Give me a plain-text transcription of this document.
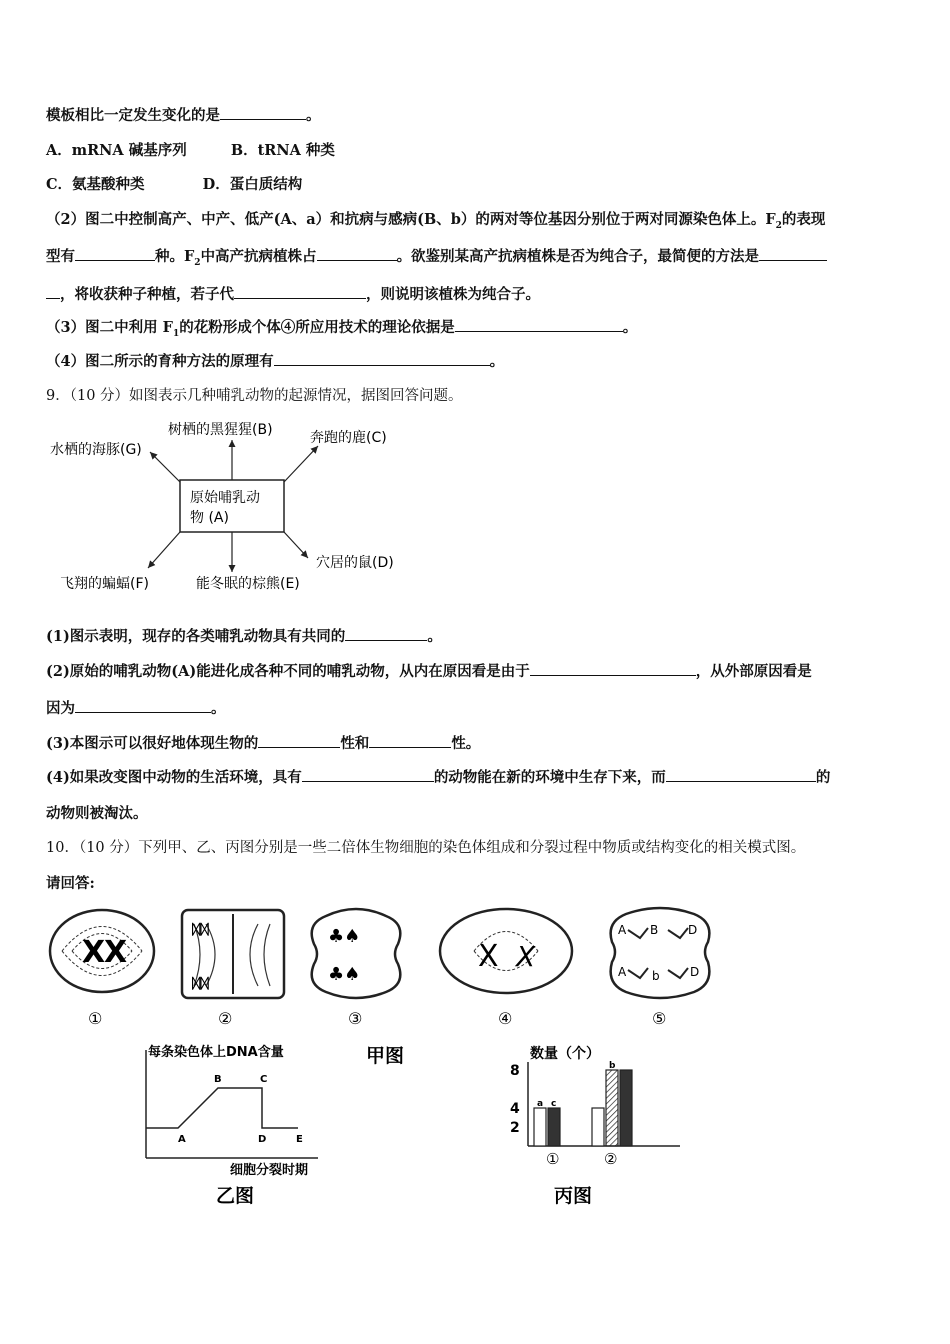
模板相比一定发生变化的是	。
A．mRNA 碱基序列	B．tRNA 种类
C．氨基酸种类	D．蛋白质结构
（2）图二中控制高产、中产、低产(A、a）和抗病与感病(B、b）的两对等位基因分别位于两对同源染色体上。$F_2$的表现
型有	种。$F_2$中高产抗病植株占	。欲鉴别某高产抗病植株是否为纯合子，最简便的方法是
，将收获种子种植，若子代	，则说明该植株为纯合子。
（3）图二中利用 $F_1$的花粉形成个体④所应用技术的理论依据是	。
（4）图二所示的育种方法的原理有	。
9．（10 分）如图表示几种哺乳动物的起源情况，据图回答问题。
原始哺乳动
物 (A)
树栖的黑猩猩(B)	奔跑的鹿(C)
水栖的海豚(G)
穴居的鼠(D)
能冬眠的棕熊(E)
飞翔的蝙蝠(F)
(1)图示表明，现存的各类哺乳动物具有共同的	。
(2)原始的哺乳动物(A)能进化成各种不同的哺乳动物，从内在原因看是由于	，从外部原因看是
因为	。
(3)本图示可以很好地体现生物的	性和	性。
(4)如果改变图中动物的生活环境，具有	的动物能在新的环境中生存下来，而	的
动物则被淘汰。
10．（10 分）下列甲、乙、丙图分别是一些二倍体生物细胞的染色体组成和分裂过程中物质或结构变化的相关模式图。
请回答:
X
X
①
ᛞᛞ
ᛞᛞ
②
♣♠
♣♠
③
X X
④
A B D
A b	D
⑤
甲图
每条染色体上DNA含量
A
B	C
D	E
细胞分裂时期
乙图
数量（个）
2
4
8
a c
b
①	②
丙图
